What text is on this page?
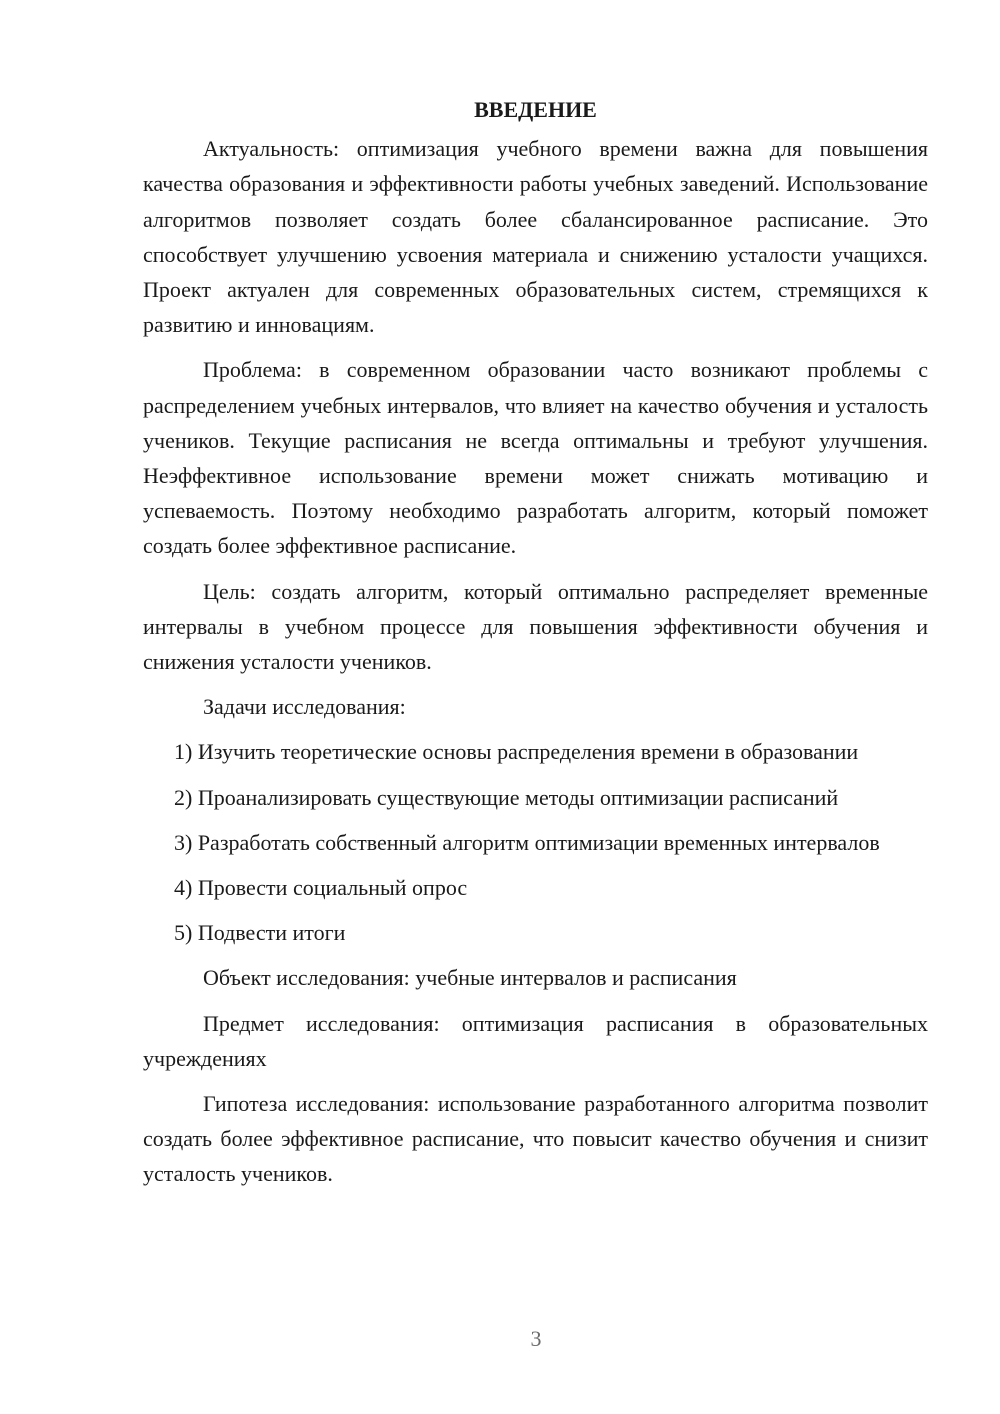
ВВЕДЕНИЕ

Актуальность: оптимизация учебного времени важна для повышения качества образования и эффективности работы учебных заведений. Использование алгоритмов позволяет создать более сбалансированное расписание. Это способствует улучшению усвоения материала и снижению усталости учащихся. Проект актуален для современных образовательных систем, стремящихся к развитию и инновациям.

Проблема: в современном образовании часто возникают проблемы с распределением учебных интервалов, что влияет на качество обучения и усталость учеников. Текущие расписания не всегда оптимальны и требуют улучшения. Неэффективное использование времени может снижать мотивацию и успеваемость. Поэтому необходимо разработать алгоритм, который поможет создать более эффективное расписание.

Цель: создать алгоритм, который оптимально распределяет временные интервалы в учебном процессе для повышения эффективности обучения и снижения усталости учеников.

Задачи исследования:

1) Изучить теоретические основы распределения времени в образовании

2) Проанализировать существующие методы оптимизации расписаний

3) Разработать собственный алгоритм оптимизации временных интервалов

4) Провести социальный опрос

5) Подвести итоги

Объект исследования: учебные интервалов и расписания

Предмет исследования: оптимизация расписания в образовательных учреждениях

Гипотеза исследования: использование разработанного алгоритма позволит создать более эффективное расписание, что повысит качество обучения и снизит усталость учеников.

3
